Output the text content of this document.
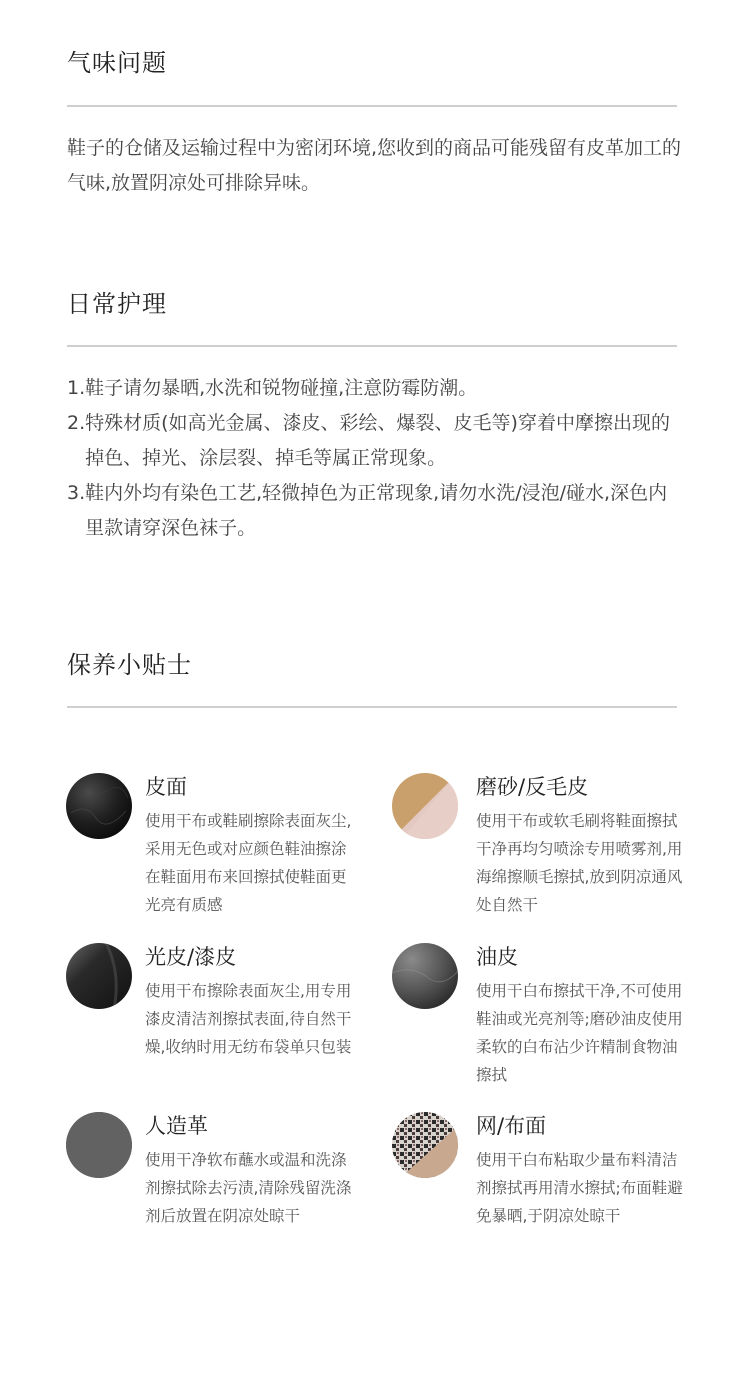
气味问题
鞋子的仓储及运输过程中为密闭环境,您收到的商品可能残留有皮革加工的气味,放置阴凉处可排除异味。
日常护理
1. 鞋子请勿暴晒,水洗和锐物碰撞,注意防霉防潮。
2. 特殊材质(如高光金属、漆皮、彩绘、爆裂、皮毛等)穿着中摩擦出现的掉色、掉光、涂层裂、掉毛等属正常现象。
3. 鞋内外均有染色工艺,轻微掉色为正常现象,请勿水洗/浸泡/碰水,深色内里款请穿深色袜子。
保养小贴士
皮面
使用干布或鞋刷擦除表面灰尘,采用无色或对应颜色鞋油擦涂在鞋面用布来回擦拭使鞋面更光亮有质感
磨砂/反毛皮
使用干布或软毛刷将鞋面擦拭干净再均匀喷涂专用喷雾剂,用海绵擦顺毛擦拭,放到阴凉通风处自然干
光皮/漆皮
使用干布擦除表面灰尘,用专用漆皮清洁剂擦拭表面,待自然干燥,收纳时用无纺布袋单只包装
油皮
使用干白布擦拭干净,不可使用鞋油或光亮剂等;磨砂油皮使用柔软的白布沾少许精制食物油擦拭
人造革
使用干净软布蘸水或温和洗涤剂擦拭除去污渍,清除残留洗涤剂后放置在阴凉处晾干
网/布面
使用干白布粘取少量布料清洁剂擦拭再用清水擦拭;布面鞋避免暴晒,于阴凉处晾干
